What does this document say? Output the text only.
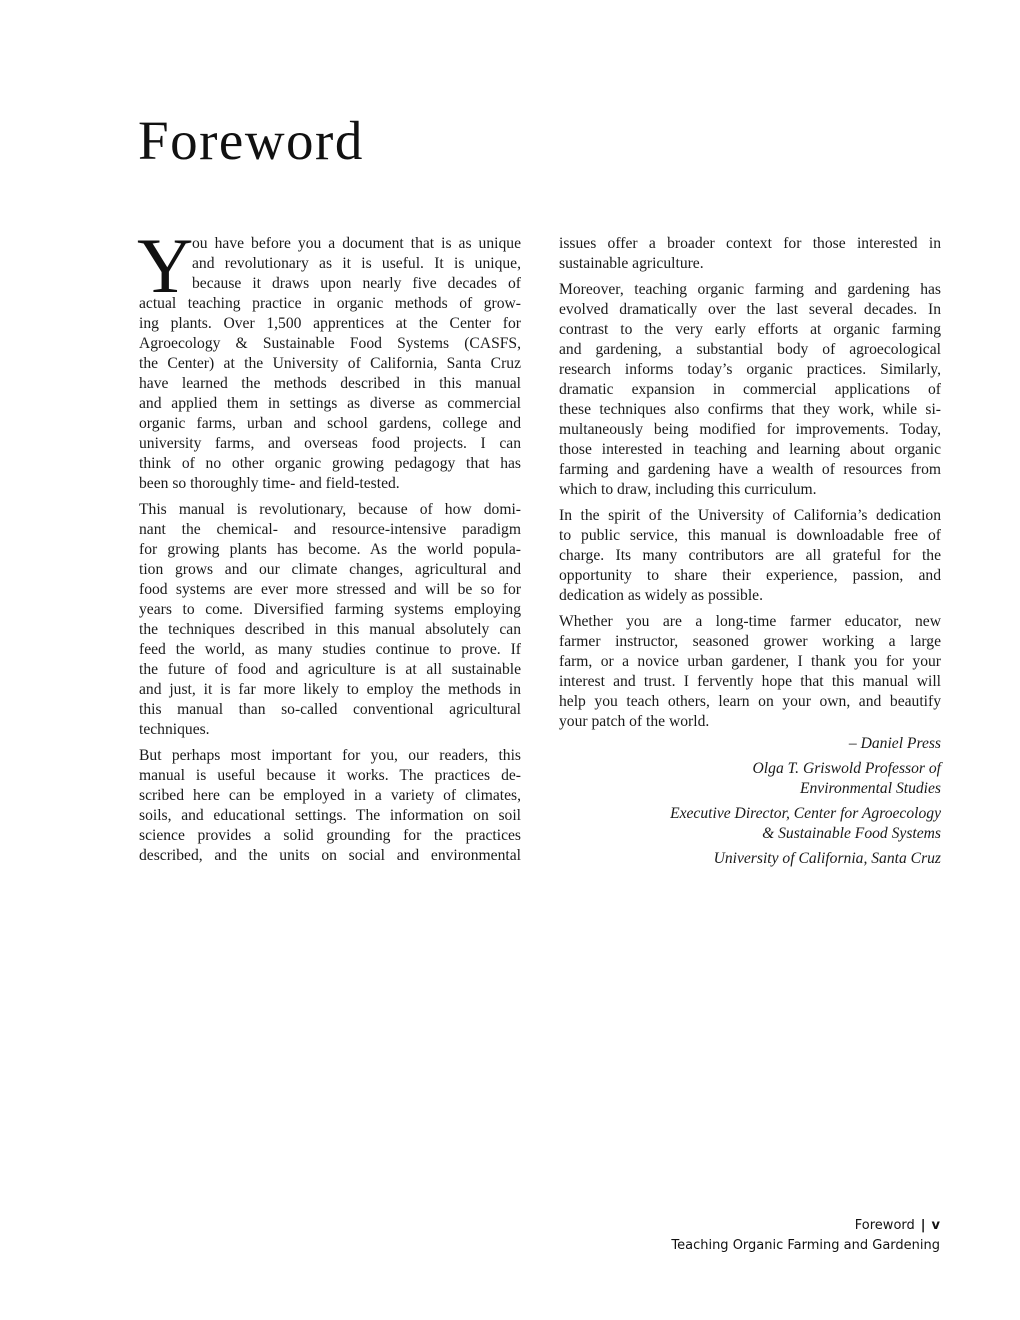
Foreword
Y
ou have before you a document that is as unique
and revolutionary as it is useful. It is unique,
because it draws upon nearly five decades of
actual teaching practice in organic methods of grow-
ing plants. Over 1,500 apprentices at the Center for
Agroecology & Sustainable Food Systems (CASFS,
the Center) at the University of California, Santa Cruz
have learned the methods described in this manual
and applied them in settings as diverse as commercial
organic farms, urban and school gardens, college and
university farms, and overseas food projects. I can
think of no other organic growing pedagogy that has
been so thoroughly time- and field-tested.
This manual is revolutionary, because of how domi-
nant the chemical- and resource-intensive paradigm
for growing plants has become. As the world popula-
tion grows and our climate changes, agricultural and
food systems are ever more stressed and will be so for
years to come. Diversified farming systems employing
the techniques described in this manual absolutely can
feed the world, as many studies continue to prove. If
the future of food and agriculture is at all sustainable
and just, it is far more likely to employ the methods in
this manual than so-called conventional agricultural
techniques.
But perhaps most important for you, our readers, this
manual is useful because it works. The practices de-
scribed here can be employed in a variety of climates,
soils, and educational settings. The information on soil
science provides a solid grounding for the practices
described, and the units on social and environmental
issues offer a broader context for those interested in
sustainable agriculture.
Moreover, teaching organic farming and gardening has
evolved dramatically over the last several decades. In
contrast to the very early efforts at organic farming
and gardening, a substantial body of agroecological
research informs today’s organic practices. Similarly,
dramatic expansion in commercial applications of
these techniques also confirms that they work, while si-
multaneously being modified for improvements. Today,
those interested in teaching and learning about organic
farming and gardening have a wealth of resources from
which to draw, including this curriculum.
In the spirit of the University of California’s dedication
to public service, this manual is downloadable free of
charge. Its many contributors are all grateful for the
opportunity to share their experience, passion, and
dedication as widely as possible.
Whether you are a long-time farmer educator, new
farmer instructor, seasoned grower working a large
farm, or a novice urban gardener, I thank you for your
interest and trust. I fervently hope that this manual will
help you teach others, learn on your own, and beautify
your patch of the world.
– Daniel Press
Olga T. Griswold Professor of
Environmental Studies
Executive Director, Center for Agroecology
& Sustainable Food Systems
University of California, Santa Cruz
Foreword | v
Teaching Organic Farming and Gardening
